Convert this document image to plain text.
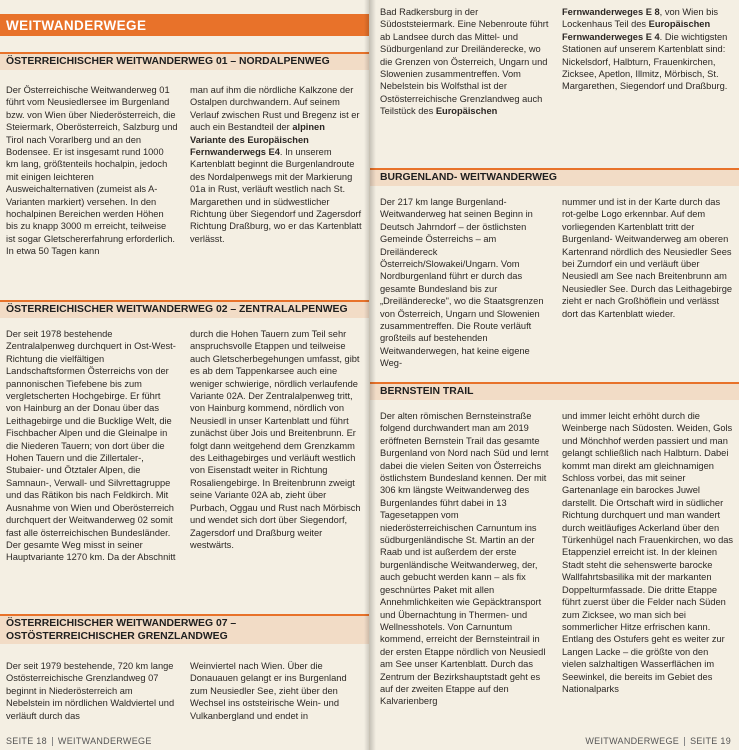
WEITWANDERWEGE
ÖSTERREICHISCHER WEITWANDERWEG 01 – NORDALPENWEG

Der Österreichische Weitwanderweg 01 führt vom Neusiedlersee im Burgenland bzw. von Wien über Niederösterreich, die Steiermark, Oberösterreich, Salzburg und Tirol nach Vorarlberg und an den Bodensee. Er ist insgesamt rund 1000 km lang, größtenteils hochalpin, jedoch mit einigen leichteren Ausweichalternativen (zumeist als A-Varianten markiert) versehen. In den hochalpinen Bereichen werden Höhen bis zu knapp 3000 m erreicht, teilweise ist sogar Gletschererfahrung erforderlich. In etwa 50 Tagen kann

man auf ihm die nördliche Kalkzone der Ostalpen durchwandern. Auf seinem Verlauf zwischen Rust und Bregenz ist er auch ein Bestandteil der alpinen Variante des Europäischen Fernwanderwegs E4. In unserem Kartenblatt beginnt die Burgenlandroute des Nordalpenwegs mit der Markierung 01a in Rust, verläuft westlich nach St. Margarethen und in südwestlicher Richtung über Siegendorf und Zagersdorf Richtung Draßburg, wo er das Kartenblatt verlässt.

ÖSTERREICHISCHER WEITWANDERWEG 02 – ZENTRALALPENWEG

Der seit 1978 bestehende Zentralalpenweg durchquert in Ost-West-Richtung die vielfältigen Landschaftsformen Österreichs von der pannonischen Tiefebene bis zum vergletscherten Hochgebirge. Er führt von Hainburg an der Donau über das Leithagebirge und die Bucklige Welt, die Fischbacher Alpen und die Gleinalpe in die Niederen Tauern; von dort über die Hohen Tauern und die Zillertaler-, Stubaier- und Ötztaler Alpen, die Samnaun-, Verwall- und Silvrettagruppe und das Rätikon bis nach Feldkirch. Mit Ausnahme von Wien und Oberösterreich durchquert der Weitwanderweg 02 somit fast alle österreichischen Bundesländer. Der gesamte Weg misst in seiner Hauptvariante 1270 km. Da der Abschnitt

durch die Hohen Tauern zum Teil sehr anspruchsvolle Etappen und teilweise auch Gletscherbegehungen umfasst, gibt es ab dem Tappenkarsee auch eine weniger schwierige, nördlich verlaufende Variante 02A. Der Zentralalpenweg tritt, von Hainburg kommend, nördlich von Neusiedl in unser Kartenblatt und führt zunächst über Jois und Breitenbrunn. Er folgt dann weitgehend dem Grenzkamm des Leithagebirges und verläuft westlich von Eisenstadt weiter in Richtung Rosaliengebirge. In Breitenbrunn zweigt seine Variante 02A ab, zieht über Purbach, Oggau und Rust nach Mörbisch und wendet sich dort über Siegendorf, Zagersdorf und Draßburg weiter westwärts.

ÖSTERREICHISCHER WEITWANDERWEG 07 –
OSTÖSTERREICHISCHER GRENZLANDWEG

Der seit 1979 bestehende, 720 km lange Ostösterreichische Grenzlandweg 07 beginnt in Niederösterreich am Nebelstein im nördlichen Waldviertel und verläuft durch das

Weinviertel nach Wien. Über die Donauauen gelangt er ins Burgenland zum Neusiedler See, zieht über den Wechsel ins oststeirische Wein- und Vulkanbergland und endet in

SEITE 18 WEITWANDERWEGE

Bad Radkersburg in der Südoststeiermark. Eine Nebenroute führt ab Landsee durch das Mittel- und Südburgenland zur Dreiländerecke, wo die Grenzen von Österreich, Ungarn und Slowenien zusammentreffen. Vom Nebelstein bis Wolfsthal ist der Ostösterreichische Grenzlandweg auch Teilstück des Europäischen

Fernwanderweges E 8, von Wien bis Lockenhaus Teil des Europäischen Fernwanderweges E 4. Die wichtigsten Stationen auf unserem Kartenblatt sind: Nickelsdorf, Halbturn, Frauenkirchen, Zicksee, Apetlon, Illmitz, Mörbisch, St. Margarethen, Siegendorf und Draßburg.

BURGENLAND- WEITWANDERWEG

Der 217 km lange Burgenland-Weitwanderweg hat seinen Beginn in Deutsch Jahrndorf – der östlichsten Gemeinde Österreichs – am Dreiländereck Österreich/Slowakei/Ungarn. Vom Nordburgenland führt er durch das gesamte Bundesland bis zur „Dreiländerecke", wo die Staatsgrenzen von Österreich, Ungarn und Slowenien zusammentreffen. Die Route verläuft großteils auf bestehenden Weitwanderwegen, hat keine eigene Weg-

nummer und ist in der Karte durch das rot-gelbe Logo erkennbar. Auf dem vorliegenden Kartenblatt tritt der Burgenland- Weitwanderweg am oberen Kartenrand nördlich des Neusiedler Sees bei Zurndorf ein und verläuft über Neusiedl am See nach Breitenbrunn am Neusiedler See. Durch das Leithagebirge zieht er nach Großhöflein und verlässt dort das Kartenblatt wieder.

BERNSTEIN TRAIL

Der alten römischen Bernsteinstraße folgend durchwandert man am 2019 eröffneten Bernstein Trail das gesamte Burgenland von Nord nach Süd und lernt dabei die vielen Seiten von Österreichs östlichstem Bundesland kennen. Der mit 306 km längste Weitwanderweg des Burgenlandes führt dabei in 13 Tagesetappen vom niederösterreichischen Carnuntum ins südburgenländische St. Martin an der Raab und ist außerdem der erste burgenländische Weitwanderweg, der, auch gebucht werden kann – als fix geschnürtes Paket mit allen Annehmlichkeiten wie Gepäcktransport und Übernachtung in Thermen- und Wellnesshotels. Von Carnuntum kommend, erreicht der Bernsteintrail in der ersten Etappe nördlich von Neusiedl am See unser Kartenblatt. Durch das Zentrum der Bezirkshauptstadt geht es auf der zweiten Etappe auf den Kalvarienberg

und immer leicht erhöht durch die Weinberge nach Südosten. Weiden, Gols und Mönchhof werden passiert und man gelangt schließlich nach Halbturn. Dabei kommt man direkt am gleichnamigen Schloss vorbei, das mit seiner Gartenanlage ein barockes Juwel darstellt. Die Ortschaft wird in südlicher Richtung durchquert und man wandert durch weitläufiges Ackerland über den Türkenhügel nach Frauenkirchen, wo das Etappenziel erreicht ist. In der kleinen Stadt steht die sehenswerte barocke Wallfahrtsbasilika mit der markanten Doppelturmfassade. Die dritte Etappe führt zuerst über die Felder nach Süden zum Zicksee, wo man sich bei sommerlicher Hitze erfrischen kann. Entlang des Ostufers geht es weiter zur Langen Lacke – die größte von den vielen salzhaltigen Wasserflächen im Seewinkel, die bereits im Gebiet des Nationalparks

WEITWANDERWEGE SEITE 19
